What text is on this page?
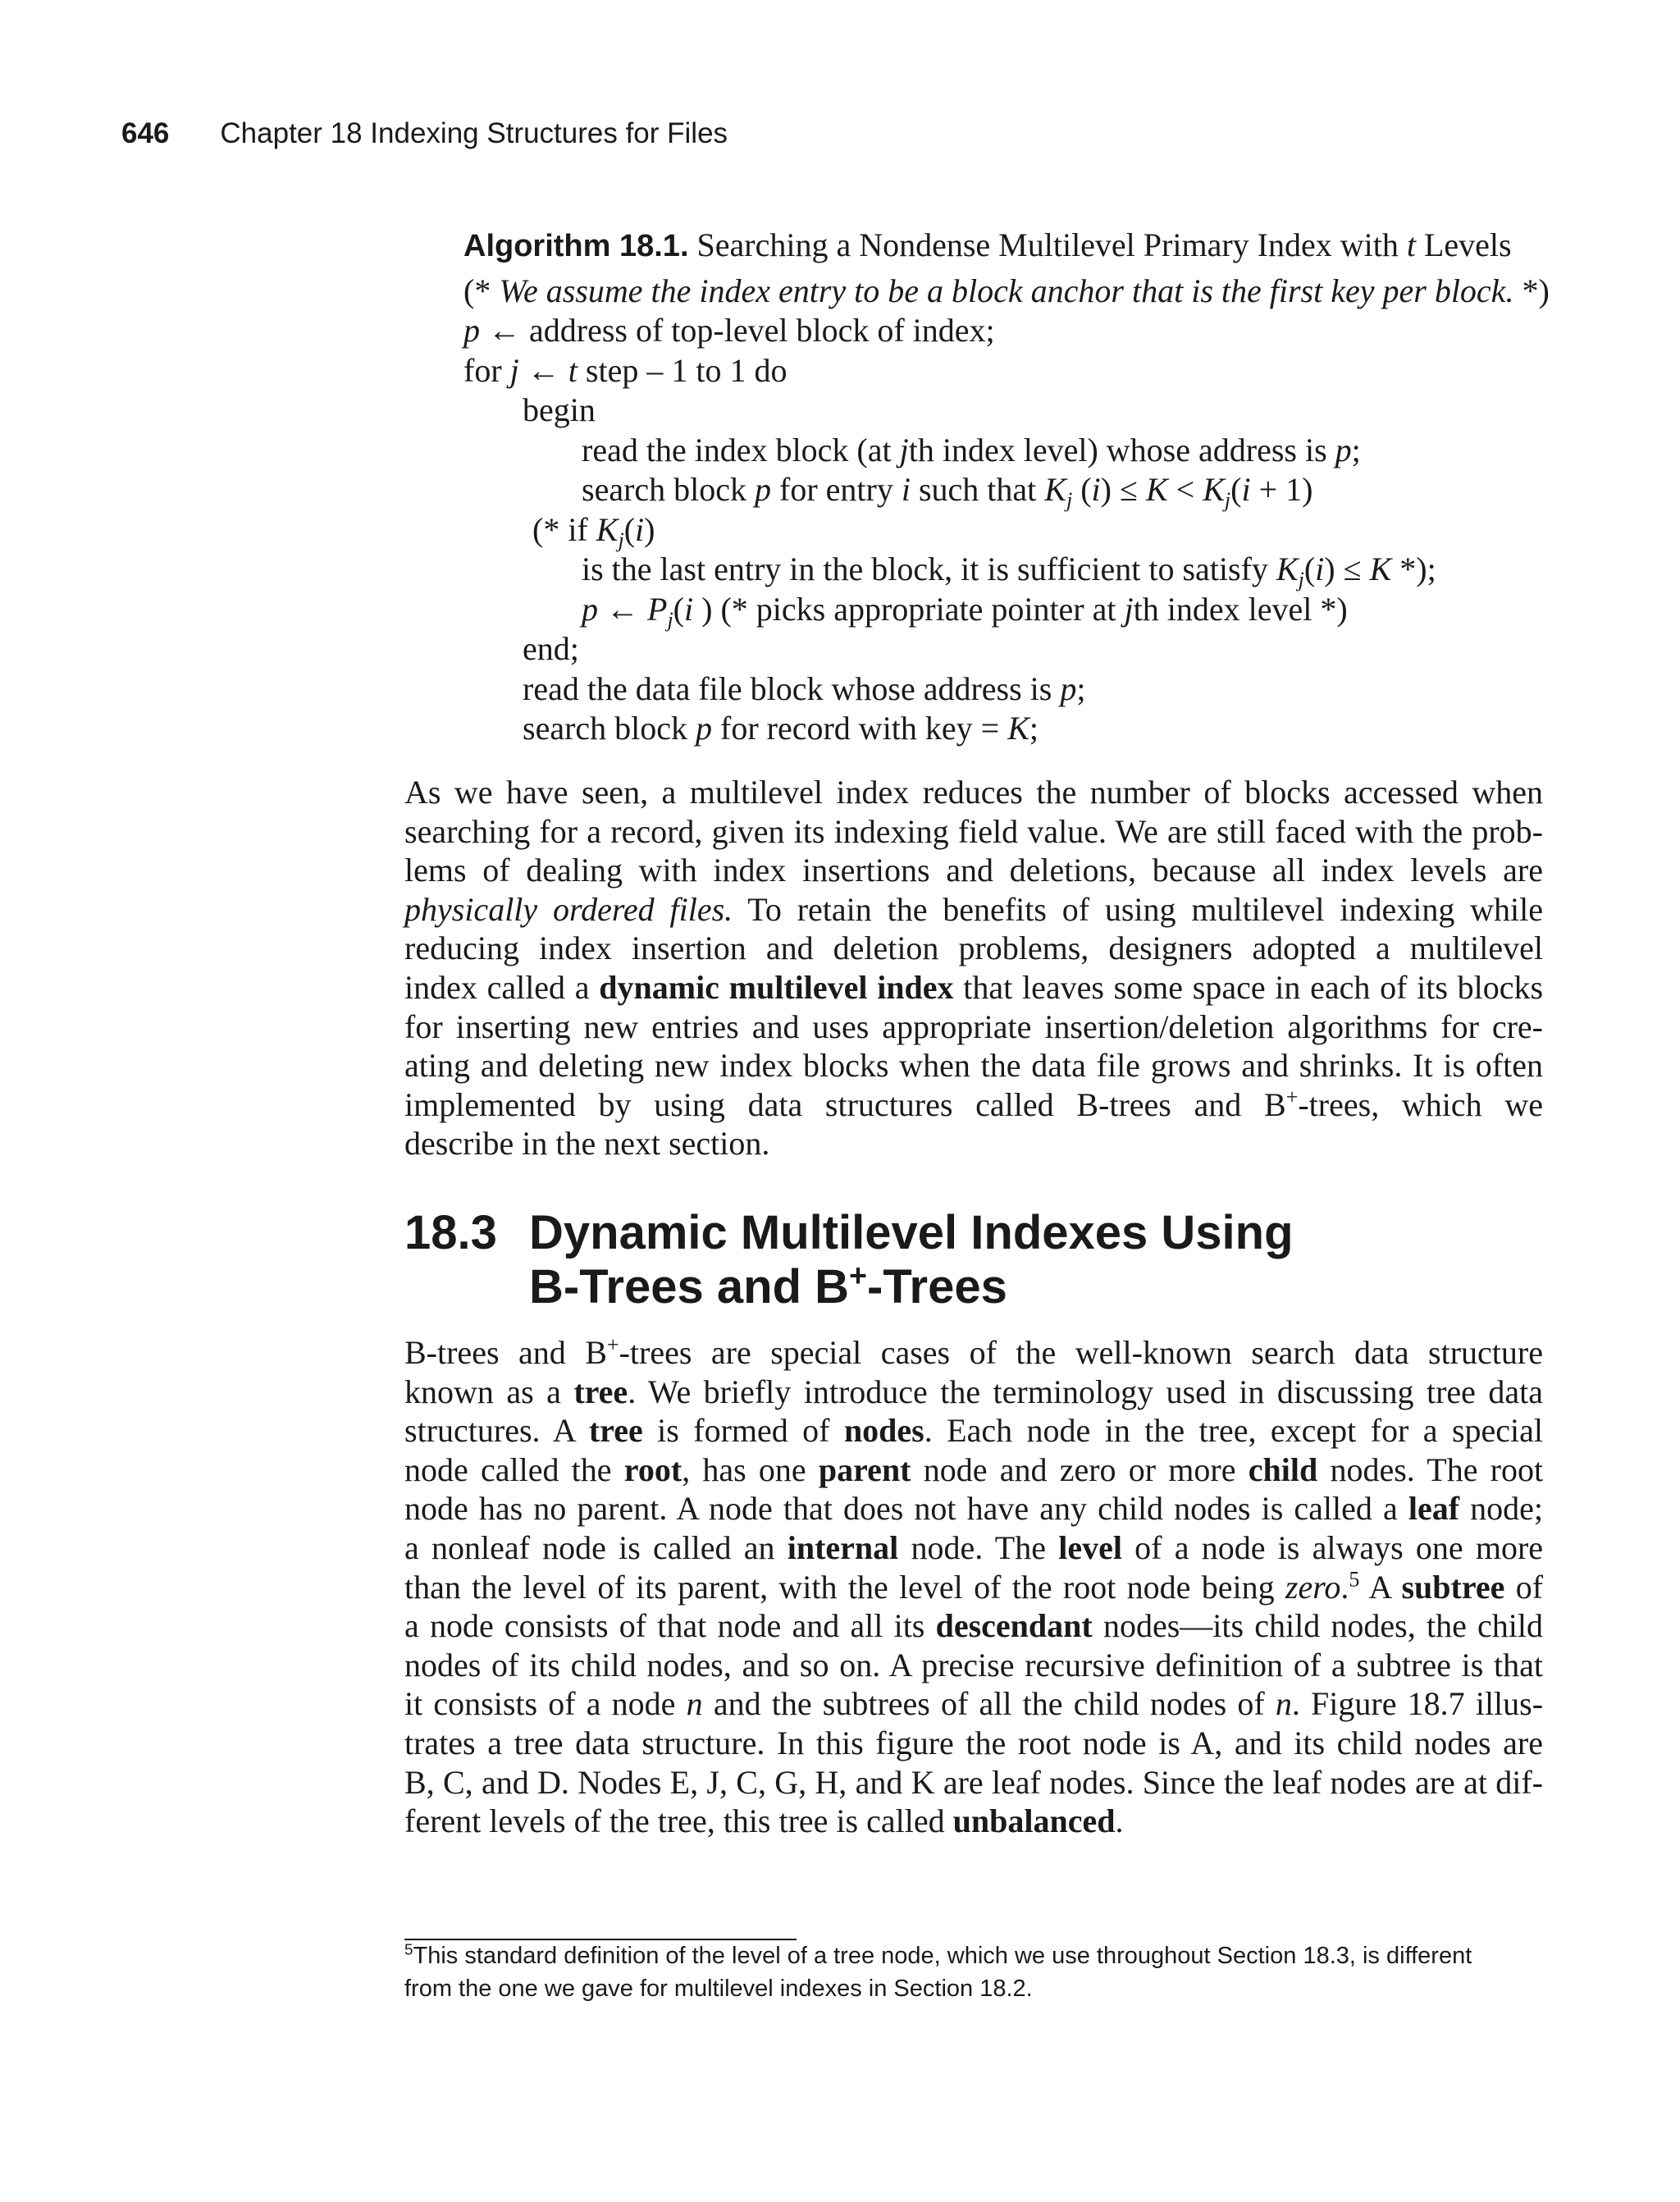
646 Chapter 18 Indexing Structures for Files
Algorithm 18.1. Searching a Nondense Multilevel Primary Index with t Levels
(* We assume the index entry to be a block anchor that is the first key per block. *)
p ← address of top-level block of index;
for j ← t step – 1 to 1 do
begin
read the index block (at jth index level) whose address is p;
search block p for entry i such that $K_j$ $(i) \le K < K_j(i + 1)$
(* if $K_j(i)$
is the last entry in the block, it is sufficient to satisfy $K_j(i) \le K$ *);
p ← $P_j(i$ ) (* picks appropriate pointer at jth index level *)
end;
read the data file block whose address is p;
search block p for record with key = K;
As we have seen, a multilevel index reduces the number of blocks accessed when
searching for a record, given its indexing field value. We are still faced with the prob-
lems of dealing with index insertions and deletions, because all index levels are
physically ordered files. To retain the benefits of using multilevel indexing while
reducing index insertion and deletion problems, designers adopted a multilevel
index called a dynamic multilevel index that leaves some space in each of its blocks
for inserting new entries and uses appropriate insertion/deletion algorithms for cre-
ating and deleting new index blocks when the data file grows and shrinks. It is often
implemented by using data structures called B-trees and B+-trees, which we
describe in the next section.
18.3 Dynamic Multilevel Indexes Using
B-Trees and B+-Trees
B-trees and B+-trees are special cases of the well-known search data structure
known as a tree. We briefly introduce the terminology used in discussing tree data
structures. A tree is formed of nodes. Each node in the tree, except for a special
node called the root, has one parent node and zero or more child nodes. The root
node has no parent. A node that does not have any child nodes is called a leaf node;
a nonleaf node is called an internal node. The level of a node is always one more
than the level of its parent, with the level of the root node being zero.$^5$ A subtree of
a node consists of that node and all its descendant nodes—its child nodes, the child
nodes of its child nodes, and so on. A precise recursive definition of a subtree is that
it consists of a node n and the subtrees of all the child nodes of n. Figure 18.7 illus-
trates a tree data structure. In this figure the root node is A, and its child nodes are
B, C, and D. Nodes E, J, C, G, H, and K are leaf nodes. Since the leaf nodes are at dif-
ferent levels of the tree, this tree is called unbalanced.
$^5$This standard definition of the level of a tree node, which we use throughout Section 18.3, is different
from the one we gave for multilevel indexes in Section 18.2.
